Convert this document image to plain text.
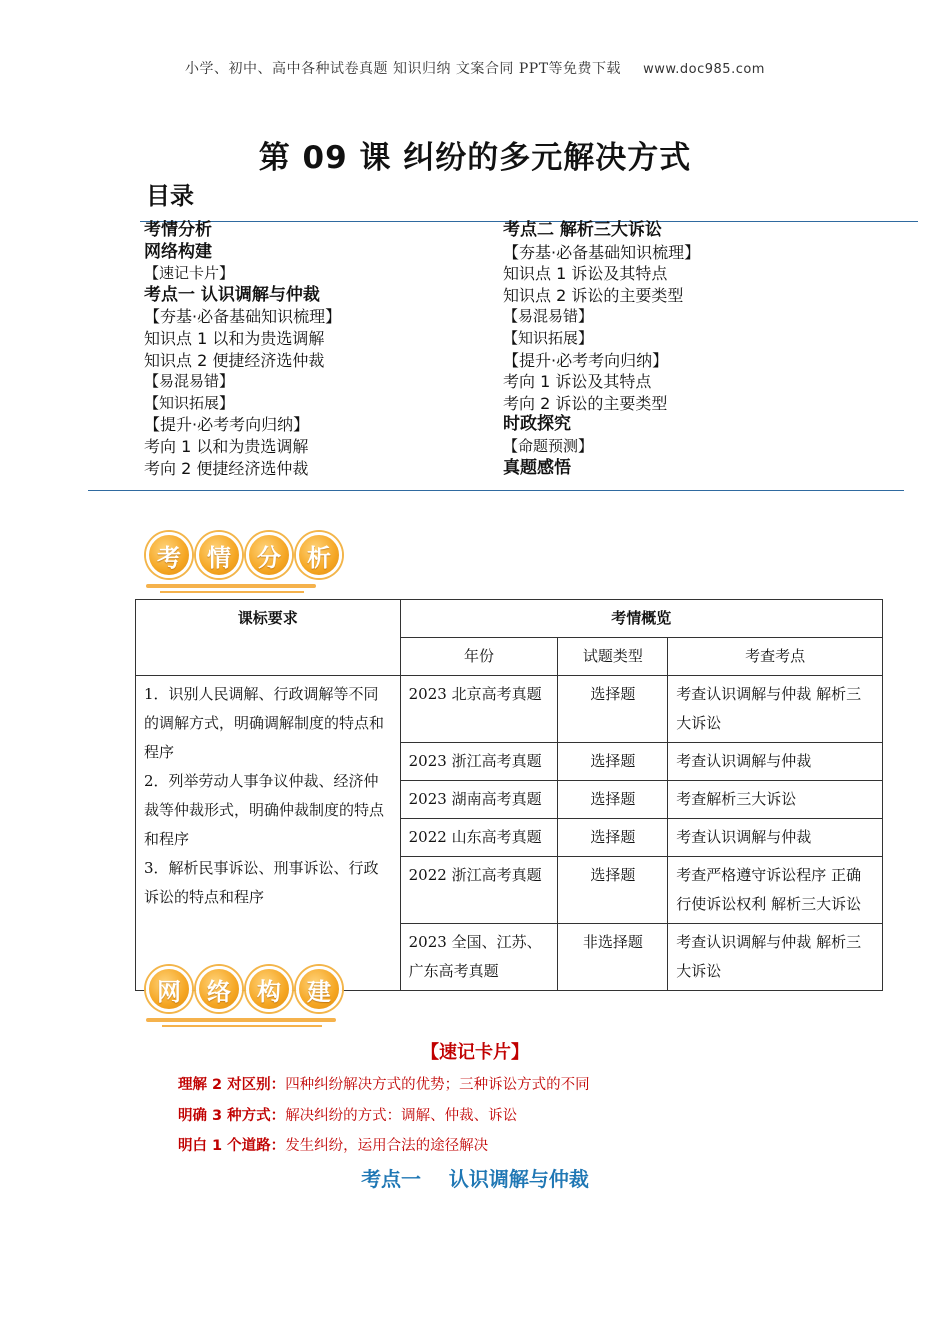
小学、初中、高中各种试卷真题 知识归纳 文案合同 PPT等免费下载 www.doc985.com
第 09 课 纠纷的多元解决方式
目录
考情分析
网络构建
【速记卡片】
考点一 认识调解与仲裁
【夯基·必备基础知识梳理】
知识点 1 以和为贵选调解
知识点 2 便捷经济选仲裁
【易混易错】
【知识拓展】
【提升·必考考向归纳】
考向 1 以和为贵选调解
考向 2 便捷经济选仲裁
考点二 解析三大诉讼
【夯基·必备基础知识梳理】
知识点 1 诉讼及其特点
知识点 2 诉讼的主要类型
【易混易错】
【知识拓展】
【提升·必考考向归纳】
考向 1 诉讼及其特点
考向 2 诉讼的主要类型
时政探究
【命题预测】
真题感悟
考	情	分	析
课标要求	考情概览		
	年份	试题类型	考查考点
1．识别人民调解、行政调解等不同的调解方式，明确调解制度的特点和程序
2．列举劳动人事争议仲裁、经济仲裁等仲裁形式，明确仲裁制度的特点和程序
3．解析民事诉讼、刑事诉讼、行政诉讼的特点和程序	2023 北京高考真题	选择题	考查认识调解与仲裁 解析三大诉讼
	2023 浙江高考真题	选择题	考查认识调解与仲裁
	2023 湖南高考真题	选择题	考查解析三大诉讼
	2022 山东高考真题	选择题	考查认识调解与仲裁
	2022 浙江高考真题	选择题	考查严格遵守诉讼程序 正确行使诉讼权利 解析三大诉讼
	2023 全国、江苏、广东高考真题	非选择题	考查认识调解与仲裁 解析三大诉讼
网	络	构	建
【速记卡片】
理解 2 对区别：四种纠纷解决方式的优势；三种诉讼方式的不同
明确 3 种方式：解决纠纷的方式：调解、仲裁、诉讼
明白 1 个道路：发生纠纷，运用合法的途径解决
考点一    认识调解与仲裁
